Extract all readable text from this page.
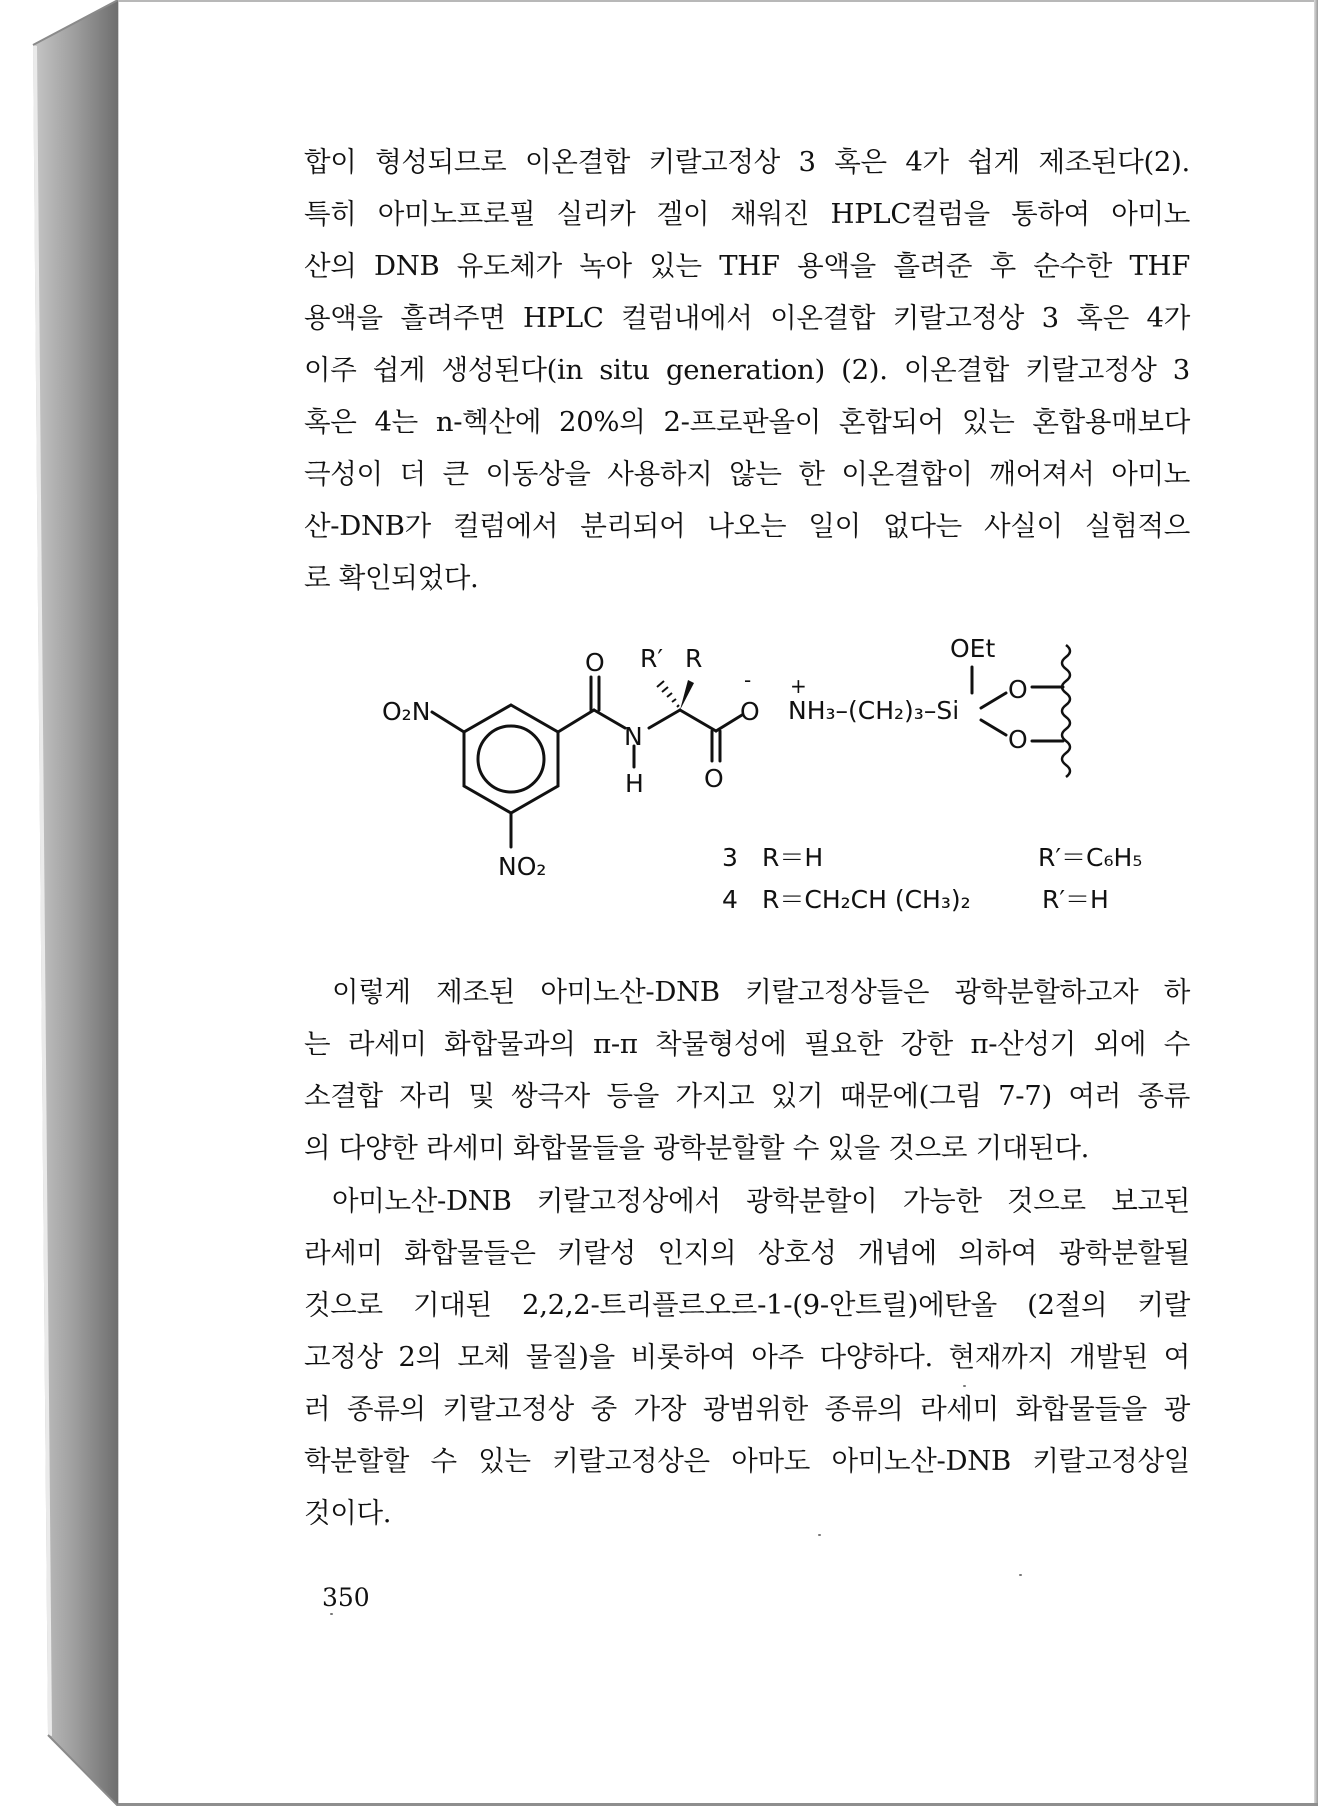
합이 형성되므로 이온결합 키랄고정상 3 혹은 4가 쉽게 제조된다(2).
특히 아미노프로필 실리카 겔이 채워진 HPLC컬럼을 통하여 아미노
산의 DNB 유도체가 녹아 있는 THF 용액을 흘려준 후 순수한 THF
용액을 흘려주면 HPLC 컬럼내에서 이온결합 키랄고정상 3 혹은 4가
이주 쉽게 생성된다(in situ generation) (2). 이온결합 키랄고정상 3
혹은 4는 n-헥산에 20%의 2-프로판올이 혼합되어 있는 혼합용매보다
극성이 더 큰 이동상을 사용하지 않는 한 이온결합이 깨어져서 아미노
산-DNB가 컬럼에서 분리되어 나오는 일이 없다는 사실이 실험적으
로 확인되었다.
O₂N
NO₂
O R′ R
N
H
O
-
O
+
NH₃–(CH₂)₃–Si
OEt
O
O
3 R＝H	R′＝C₆H₅
4 R＝CH₂CH (CH₃)₂	R′＝H
이렇게 제조된 아미노산-DNB 키랄고정상들은 광학분할하고자 하
는 라세미 화합물과의 π-π 착물형성에 필요한 강한 π-산성기 외에 수
소결합 자리 및 쌍극자 등을 가지고 있기 때문에(그림 7-7) 여러 종류
의 다양한 라세미 화합물들을 광학분할할 수 있을 것으로 기대된다.
아미노산-DNB 키랄고정상에서 광학분할이 가능한 것으로 보고된
라세미 화합물들은 키랄성 인지의 상호성 개념에 의하여 광학분할될
것으로 기대된 2,2,2-트리플르오르-1-(9-안트릴)에탄올 (2절의 키랄
고정상 2의 모체 물질)을 비롯하여 아주 다양하다. 현재까지 개발된 여
러 종류의 키랄고정상 중 가장 광범위한 종류의 라세미 화합물들을 광
학분할할 수 있는 키랄고정상은 아마도 아미노산-DNB 키랄고정상일
것이다.
350
